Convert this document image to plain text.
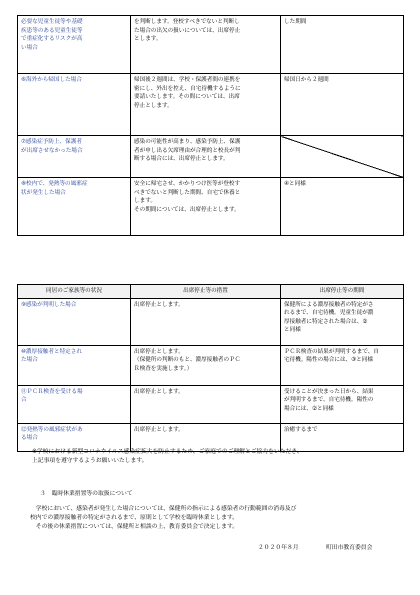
必要な児童生徒等や基礎
疾患等のある児童生徒等
で重症化するリスクが高
い場合	を判断します。登校すべきでないと判断し
た場合の出欠の扱いについては、出席停止
とします。	した期間
⑥海外から帰国した場合	帰国後２週間は、学校・保護者間の連携を
密にし、外出を控え、自宅待機するように
要請いたします。その間については、出席
停止とします。	帰国日から２週間
⑦感染症予防上、保護者
が出席させなかった場合	感染の可能性が高まり、感染予防上、保護
者が申し出る欠席理由が合理的と校長が判
断する場合には、出席停止とします。	
⑧校内で、発熱等の風邪症
状が発生した場合	安全に帰宅させ、かかりつけ医等が登校す
べきでないと判断した期間、自宅で休養と
します。
その期間については、出席停止とします。	④と同様
同居のご家族等の状況	出席停止等の措置	出席停止等の期間
⑨感染が判明した場合	出席停止とします。	保健所による濃厚接触者の特定がさ
れるまで、自宅待機。児童生徒が濃
厚接触者に特定された場合は、②
と同様
⑩濃厚接触者と特定され
た場合	出席停止とします。
（保健所の判断のもと、濃厚接触者のＰＣ
Ｒ検査を実施します。）	ＰＣＲ検査の結果が判明するまで、自
宅待機。陽性の場合には、③と同様
⑪ＰＣＲ検査を受ける場
合	出席停止とします。	受けることが決まった日から、結果
が判明するまで、自宅待機。陽性の
場合には、②と同様
⑫発熱等の風邪症状があ
る場合	出席停止とします。	治癒するまで
※学校における新型コロナウイルス感染症拡大を防止するため、ご家庭でのご理解とご協力をいただき、
上記事項を遵守するようお願いいたします。
３　臨時休業措置等の取扱について
　学校において、感染者が発生した場合については、保健所の指示による感染者の行動範囲の消毒及び
校内での濃厚接触者の特定がされるまで、原則として学校を臨時休業とします。
　その後の休業措置については、保健所と相談の上、教育委員会で決定します。
２０２０年８月	町田市教育委員会
